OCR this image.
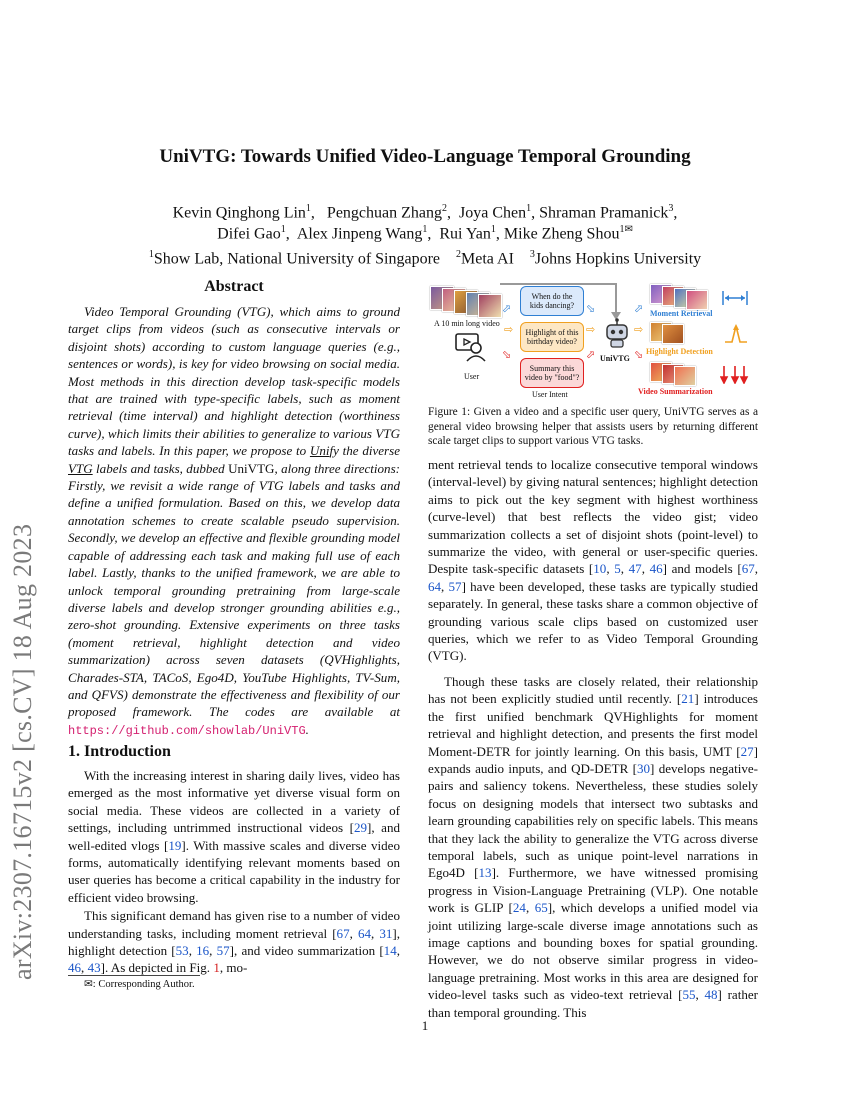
arXiv:2307.16715v2 [cs.CV] 18 Aug 2023
UniVTG: Towards Unified Video-Language Temporal Grounding
Kevin Qinghong Lin$^1$,   Pengchuan Zhang$^2$,  Joya Chen$^1$, Shraman Pramanick$^3$,
Difei Gao$^1$,  Alex Jinpeng Wang$^1$,  Rui Yan$^1$, Mike Zheng Shou$^{1✉}$
$^1$Show Lab, National University of Singapore $^2$Meta AI $^3$Johns Hopkins University
Abstract

Video Temporal Grounding (VTG), which aims to ground target clips from videos (such as consecutive intervals or disjoint shots) according to custom language queries (e.g., sentences or words), is key for video browsing on social media. Most methods in this direction develop task-specific models that are trained with type-specific labels, such as moment retrieval (time interval) and highlight detection (worthiness curve), which limits their abilities to generalize to various VTG tasks and labels. In this paper, we propose to Unify the diverse VTG labels and tasks, dubbed UniVTG, along three directions: Firstly, we revisit a wide range of VTG labels and tasks and define a unified formulation. Based on this, we develop data annotation schemes to create scalable pseudo supervision. Secondly, we develop an effective and flexible grounding model capable of addressing each task and making full use of each label. Lastly, thanks to the unified framework, we are able to unlock temporal grounding pretraining from large-scale diverse labels and develop stronger grounding abilities e.g., zero-shot grounding. Extensive experiments on three tasks (moment retrieval, highlight detection and video summarization) across seven datasets (QVHighlights, Charades-STA, TACoS, Ego4D, YouTube Highlights, TV-Sum, and QFVS) demonstrate the effectiveness and flexibility of our proposed framework. The codes are available at https://github.com/showlab/UniVTG.

1. Introduction

With the increasing interest in sharing daily lives, video has emerged as the most informative yet diverse visual form on social media. These videos are collected in a variety of settings, including untrimmed instructional videos [29], and well-edited vlogs [19]. With massive scales and diverse video forms, automatically identifying relevant moments based on user queries has become a critical capability in the industry for efficient video browsing.

This significant demand has given rise to a number of video understanding tasks, including moment retrieval [67, 64, 31], highlight detection [53, 16, 57], and video summarization [14, 46, 43]. As depicted in Fig. 1, mo-

✉: Corresponding Author.
A 10 min long video
User
⬀
⇨
⬂
When do the kids dancing?
Highlight of this birthday video?
Summary this video by "food"?
User Intent
⬂
⇨
⬀ UniVTG
⬀
⇨
⬂
Moment Retrieval
Highlight Detection
Video Summarization
Figure 1: Given a video and a specific user query, UniVTG serves as a general video browsing helper that assists users by returning different scale target clips to support various VTG tasks.

ment retrieval tends to localize consecutive temporal windows (interval-level) by giving natural sentences; highlight detection aims to pick out the key segment with highest worthiness (curve-level) that best reflects the video gist; video summarization collects a set of disjoint shots (point-level) to summarize the video, with general or user-specific queries. Despite task-specific datasets [10, 5, 47, 46] and models [67, 64, 57] have been developed, these tasks are typically studied separately. In general, these tasks share a common objective of grounding various scale clips based on customized user queries, which we refer to as Video Temporal Grounding (VTG).

Though these tasks are closely related, their relationship has not been explicitly studied until recently. [21] introduces the first unified benchmark QVHighlights for moment retrieval and highlight detection, and presents the first model Moment-DETR for jointly learning. On this basis, UMT [27] expands audio inputs, and QD-DETR [30] develops negative-pairs and saliency tokens. Nevertheless, these studies solely focus on designing models that intersect two subtasks and learn grounding capabilities rely on specific labels. This means that they lack the ability to generalize the VTG across diverse temporal labels, such as unique point-level narrations in Ego4D [13]. Furthermore, we have witnessed promising progress in Vision-Language Pretraining (VLP). One notable work is GLIP [24, 65], which develops a unified model via joint utilizing large-scale diverse image annotations such as image captions and bounding boxes for spatial grounding. However, we do not observe similar progress in video-language pretraining. Most works in this area are designed for video-level tasks such as video-text retrieval [55, 48] rather than temporal grounding. This

1
